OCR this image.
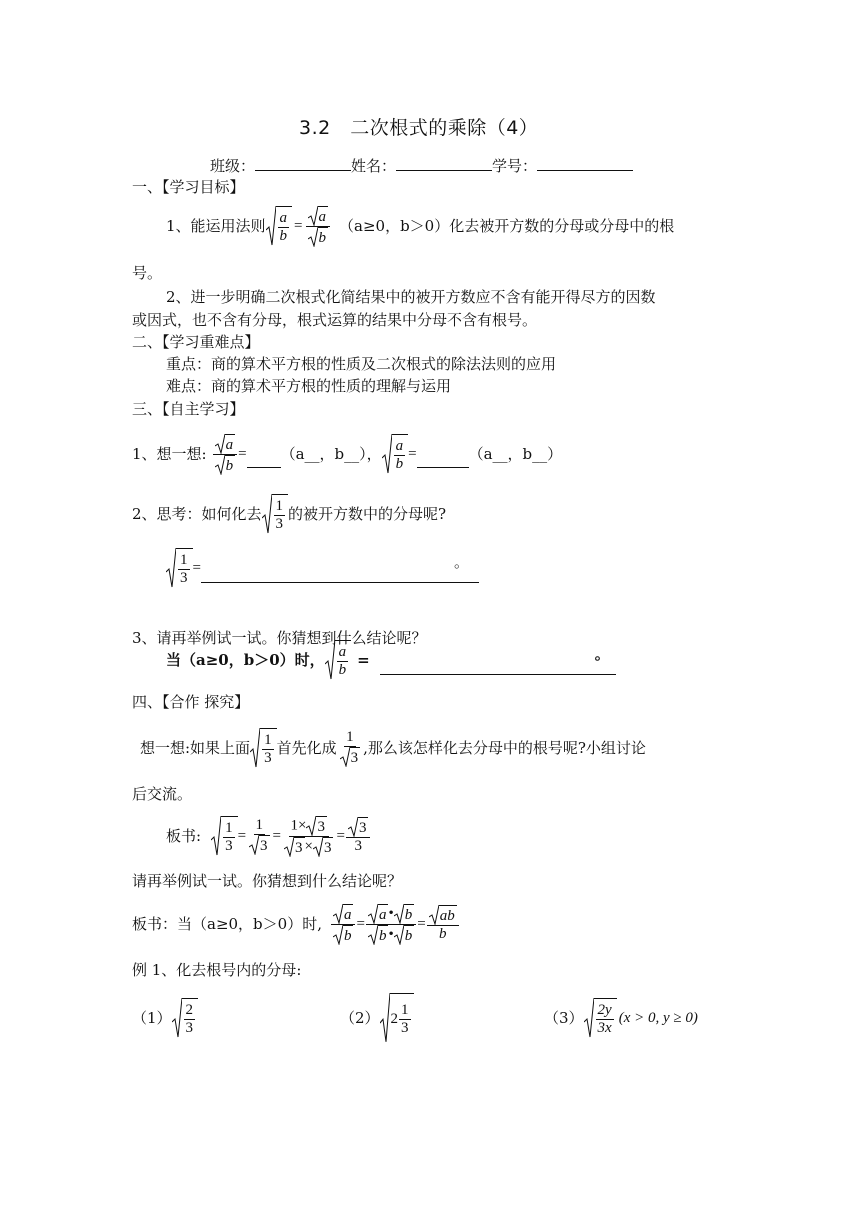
3.2　二次根式的乘除（4）
班级：	姓名：	学号：
一、【学习目标】
1、能运用法则 $\frac{a}{b} = \frac{a}{b} (a\ge 0$，b＞0）化去被开方数的分母或分母中的根
号。
2、进一步明确二次根式化简结果中的被开方数应不含有能开得尽方的因数
或因式，也不含有分母，根式运算的结果中分母不含有根号。
二、【学习重难点】
重点：商的算术平方根的性质及二次根式的除法法则的应用
难点：商的算术平方根的性质的理解与运用
三、【自主学习】
1、想一想: $\frac{a}{b}$ = （a__，b__）， $\frac{a}{b}$ =	（a__，b__）
2、思考：如何化去 $\frac{1}{3}$ 的被开方数中的分母呢?
$\frac{1}{3}$ =	。
3、请再举例试一试。你猜想到什么结论呢？
当（a≥0，b＞0）时， $\frac{a}{b}$ =	。
四、【合作 探究】
想一想:如果上面 $\frac{1}{3}$ 首先化成 $\frac{1}{3}$ ,那么该怎样化去分母中的根号呢?小组讨论
后交流。
板书: $\frac{1}{3} = \frac{1}{3} = \frac{1\times 3}{3 \times 3} = \frac{3}{3}$
请再举例试一试。你猜想到什么结论呢？
板书：当（a≥0，b＞0）时, $\frac{a}{b} = \frac{a • b}{b • b} = \frac{ab}{b}$
例 1、化去根号内的分母:
$(1) \frac{2}{3}$	（2） $2 \frac{1}{3}$	$(3) \frac{2y}{3x} (x > 0$, y ≥ 0)
